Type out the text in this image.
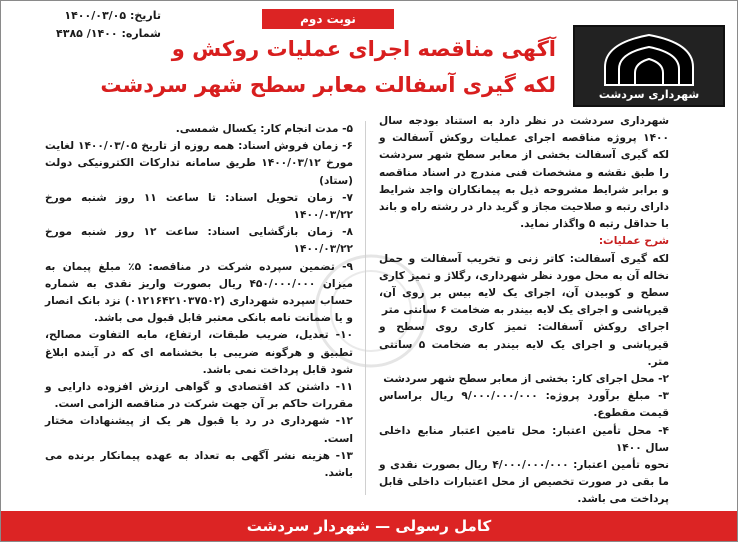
نوبت دوم
تاریخ: ۱۴۰۰/۰۳/۰۵
شماره: ۱۴۰۰/ ۴۳۸۵
آگهی مناقصه اجرای عملیات روکش و
لکه گیری آسفالت معابر سطح شهر سردشت	شهرداری سردشت

شهرداری سردشت در نظر دارد به استناد بودجه سال ۱۴۰۰ پروژه مناقصه اجرای عملیات روکش آسفالت و لکه گیری آسفالت بخشی از معابر سطح شهر سردشت را طبق نقشه و مشخصات فنی مندرج در اسناد مناقصه و برابر شرایط مشروحه ذیل به پیمانکاران واجد شرایط دارای رتبه و صلاحیت مجاز و گرید دار در رشته راه و باند با حداقل رتبه ۵ واگذار نماید.

شرح عملیات:

لکه گیری آسفالت: کاتر زنی و تخریب آسفالت و حمل نخاله آن به محل مورد نظر شهرداری، رگلاژ و تمیز کاری سطح و کوبیدن آن، اجرای یک لایه بیس بر روی آن، قیرپاشی و اجرای یک لایه بیندر به ضخامت ۶ سانتی متر

اجرای روکش آسفالت: تمیز کاری روی سطح و قیرپاشی و اجرای یک لایه بیندر به ضخامت ۵ سانتی متر.

۲- محل اجرای کار: بخشی از معابر سطح شهر سردشت

۳- مبلغ برآورد پروژه: ۹/۰۰۰/۰۰۰/۰۰۰ ریال براساس قیمت مقطوع.

۴- محل تأمین اعتبار: محل تامین اعتبار منابع داخلی سال ۱۴۰۰

نحوه تأمین اعتبار: ۴/۰۰۰/۰۰۰/۰۰۰ ریال بصورت نقدی و ما بقی در صورت تخصیص از محل اعتبارات داخلی قابل پرداخت می باشد.

۵- مدت انجام کار: یکسال شمسی.

۶- زمان فروش اسناد: همه روزه از تاریخ ۱۴۰۰/۰۳/۰۵ لغایت مورخ ۱۴۰۰/۰۳/۱۲ طریق سامانه تدارکات الکترونیکی دولت (ستاد)

۷- زمان تحویل اسناد: تا ساعت ۱۱ روز شنبه مورخ ۱۴۰۰/۰۳/۲۲

۸- زمان بازگشایی اسناد: ساعت ۱۲ روز شنبه مورخ ۱۴۰۰/۰۳/۲۲

۹- تضمین سپرده شرکت در مناقصه: ۵٪ مبلغ پیمان به میزان ۴۵۰/۰۰۰/۰۰۰ ریال بصورت واریز نقدی به شماره حساب سپرده شهرداری (۰۱۲۱۶۴۲۱۰۳۷۵۰۲) نزد بانک انصار و یا ضمانت نامه بانکی معتبر قابل قبول می باشد.

۱۰- تعدیل، ضریب طبقات، ارتفاع، مابه التفاوت مصالح، تطبیق و هرگونه ضریبی با بخشنامه ای که در آینده ابلاغ شود قابل پرداخت نمی باشد.

۱۱- داشتن کد اقتصادی و گواهی ارزش افزوده دارایی و مقررات حاکم بر آن جهت شرکت در مناقصه الزامی است.

۱۲- شهرداری در رد یا قبول هر یک از پیشنهادات مختار است.

۱۳- هزینه نشر آگهی به تعداد به عهده پیمانکار برنده می باشد.

کامل رسولی — شهردار سردشت
